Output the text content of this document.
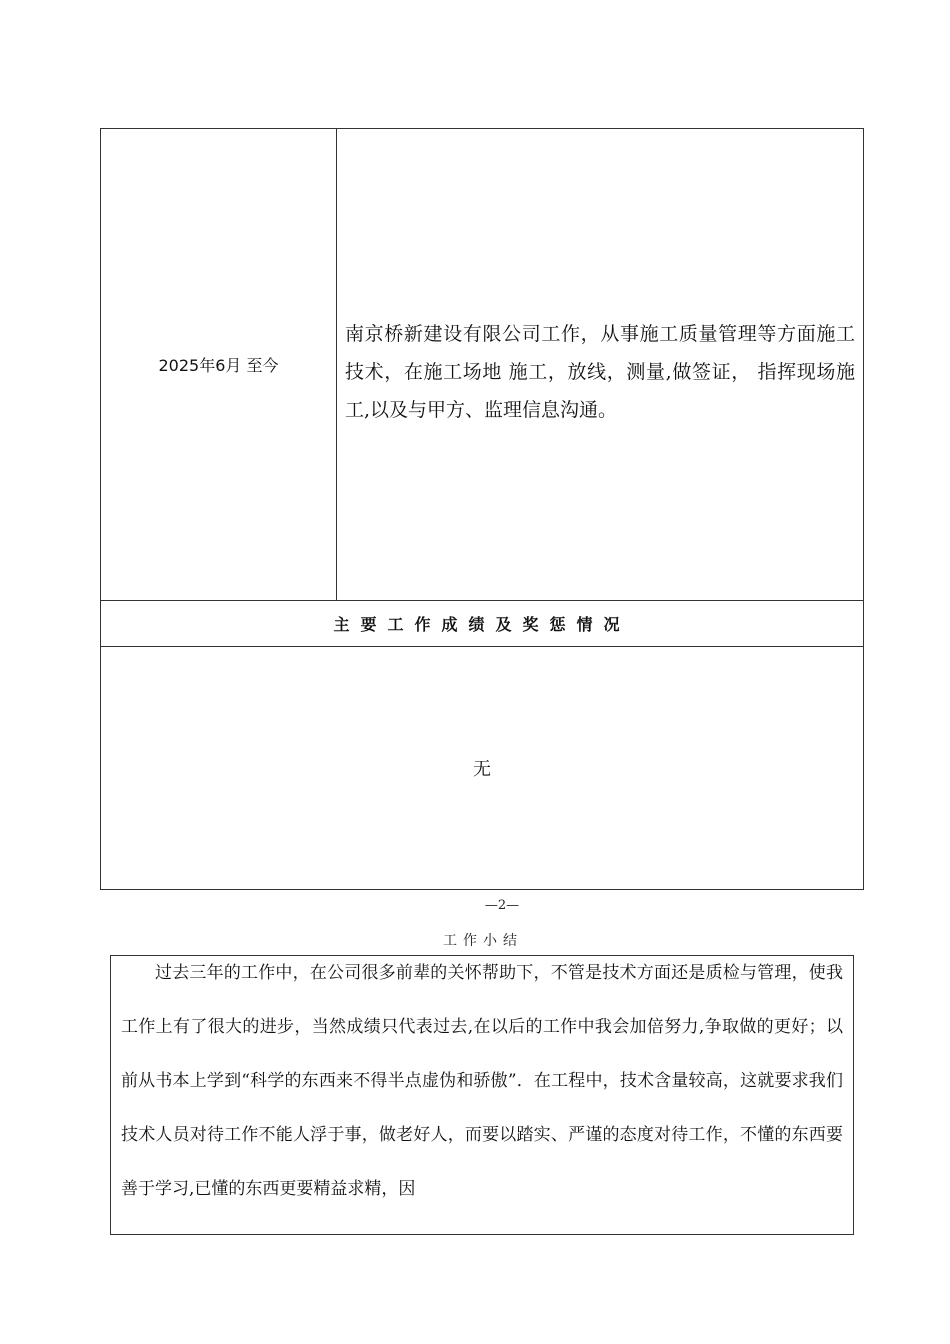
2025年6月 至今
南京桥新建设有限公司工作，从事施工质量管理等方面施工技术，在施工场地 施工，放线，测量,做签证， 指挥现场施工,以及与甲方、监理信息沟通。
主要工作成绩及奖惩情况
无
—2—
工作小结

过去三年的工作中，在公司很多前辈的关怀帮助下，不管是技术方面还是质检与管理，使我工作上有了很大的进步，当然成绩只代表过去,在以后的工作中我会加倍努力,争取做的更好；以前从书本上学到“科学的东西来不得半点虚伪和骄傲”．在工程中，技术含量较高，这就要求我们技术人员对待工作不能人浮于事，做老好人，而要以踏实、严谨的态度对待工作，不懂的东西要善于学习,已懂的东西更要精益求精，因
